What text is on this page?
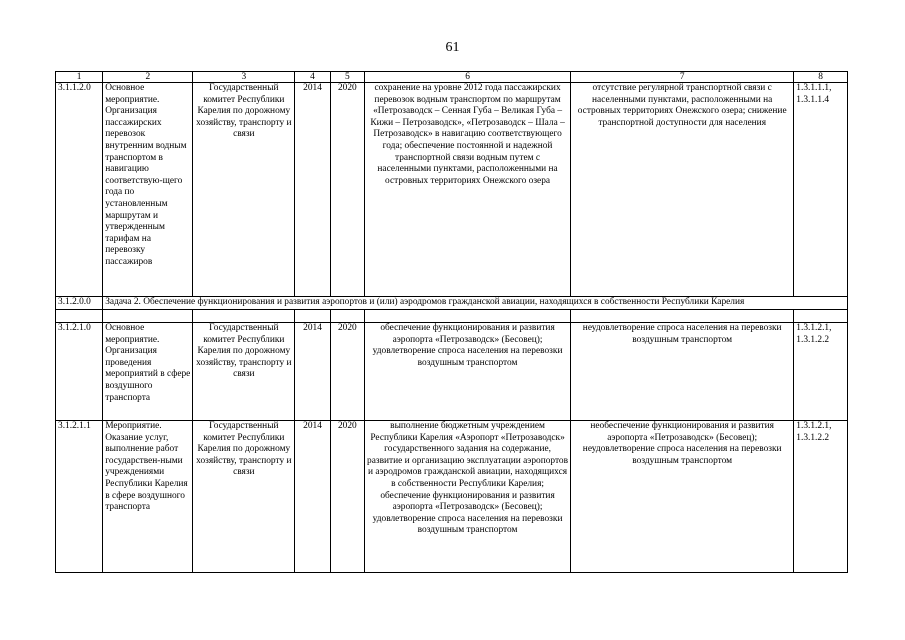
61
1	2	3	4	5	6	7	8
3.1.1.2.0	Основное мероприятие. Организация пассажирских перевозок внутренним водным транспортом в навигацию соответствую-щего года по установленным маршрутам и утвержденным тарифам на перевозку пассажиров	Государственный комитет Республики Карелия по дорожному хозяйству, транспорту и связи	2014	2020	сохранение на уровне 2012 года пассажирских перевозок водным транспортом по маршрутам «Петрозаводск – Сенная Губа – Великая Губа – Кижи – Петрозаводск», «Петрозаводск – Шала – Петрозаводск» в навигацию соответствующего года; обеспечение постоянной и надежной транспортной связи водным путем с населенными пунктами, расположенными на островных территориях Онежского озера	отсутствие регулярной транспортной связи с населенными пунктами, расположенными на островных территориях Онежского озера; снижение транспортной доступности для населения	1.3.1.1.1, 1.3.1.1.4
3.1.2.0.0	Задача 2. Обеспечение функционирования и развития аэропортов и (или) аэродромов гражданской авиации, находящихся в собственности Республики Карелия						

3.1.2.1.0	Основное мероприятие. Организация проведения мероприятий в сфере воздушного транспорта	Государственный комитет Республики Карелия по дорожному хозяйству, транспорту и связи	2014	2020	обеспечение функционирования и развития аэропорта «Петрозаводск» (Бесовец); удовлетворение спроса населения на перевозки воздушным транспортом	неудовлетворение спроса населения на перевозки воздушным транспортом	1.3.1.2.1, 1.3.1.2.2
3.1.2.1.1	Мероприятие. Оказание услуг, выполнение работ государствен-ными учреждениями Республики Карелия в сфере воздушного транспорта	Государственный комитет Республики Карелия по дорожному хозяйству, транспорту и связи	2014	2020	выполнение бюджетным учреждением Республики Карелия «Аэропорт «Петрозаводск» государственного задания на содержание, развитие и организацию эксплуатации аэропортов и аэродромов гражданской авиации, находящихся в собственности Республики Карелия; обеспечение функционирования и развития аэропорта «Петрозаводск» (Бесовец); удовлетворение спроса населения на перевозки воздушным транспортом	необеспечение функционирования и развития аэропорта «Петрозаводск» (Бесовец); неудовлетворение спроса населения на перевозки воздушным транспортом	1.3.1.2.1, 1.3.1.2.2
